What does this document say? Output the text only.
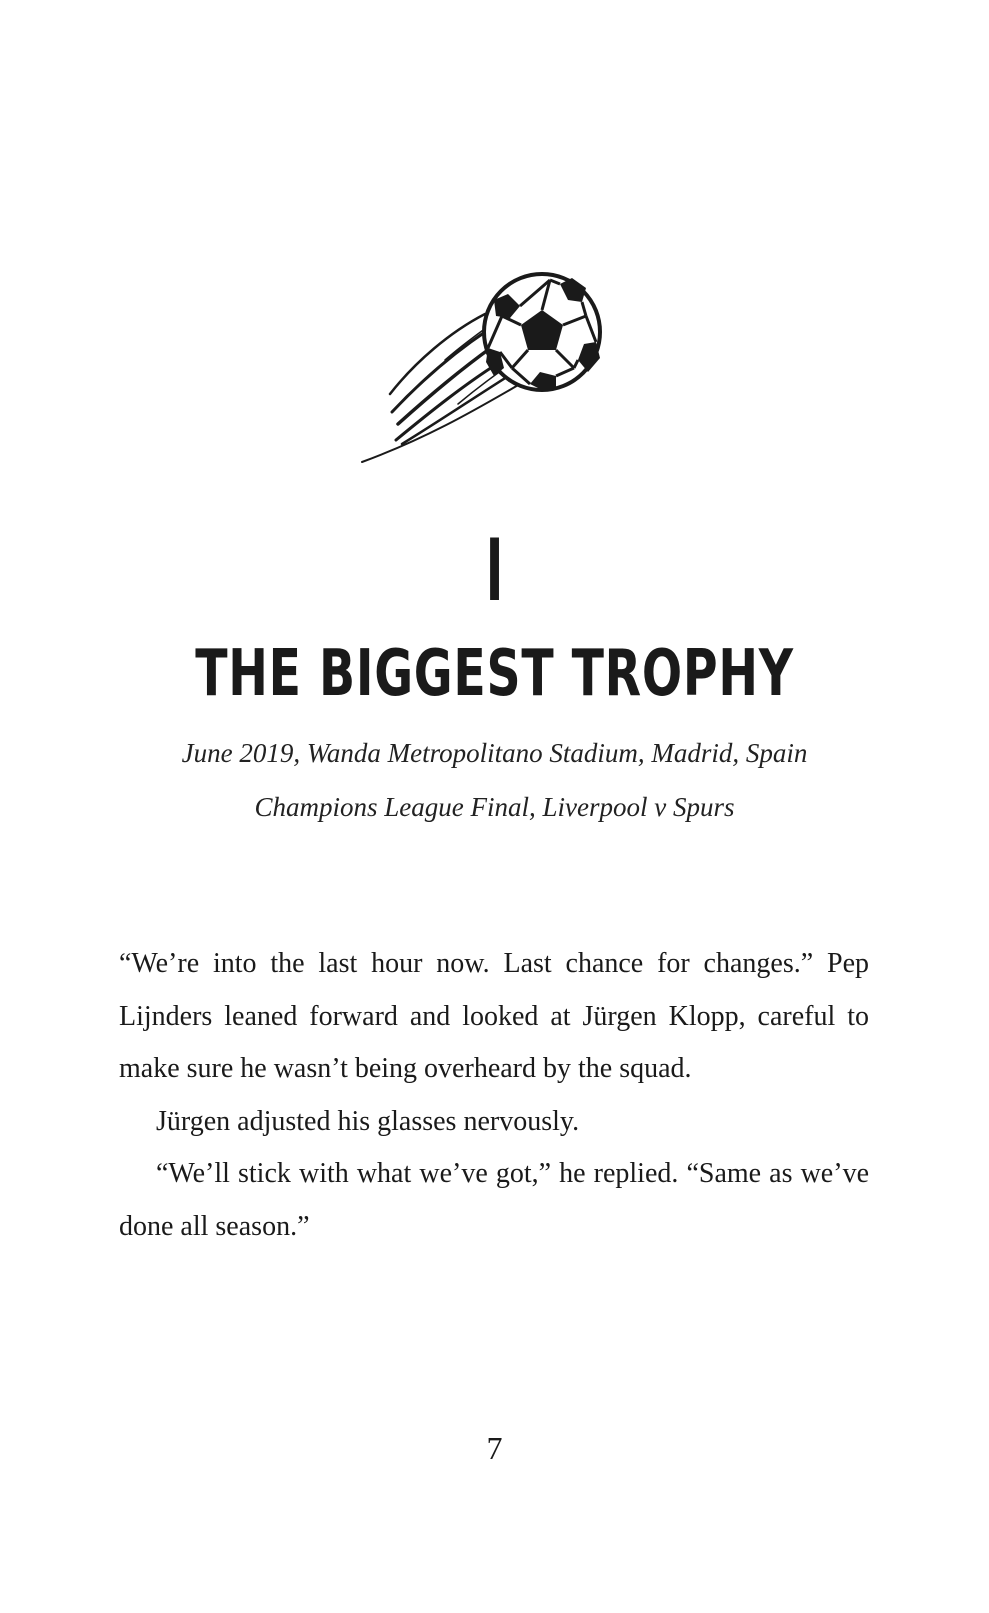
I
THE BIGGEST TROPHY
June 2019, Wanda Metropolitano Stadium, Madrid, Spain
Champions League Final, Liverpool v Spurs

“We’re into the last hour now. Last chance for changes.” Pep Lijnders leaned forward and looked at Jürgen Klopp, careful to make sure he wasn’t being overheard by the squad.

Jürgen adjusted his glasses nervously.

“We’ll stick with what we’ve got,” he replied. “Same as we’ve done all season.”

7
